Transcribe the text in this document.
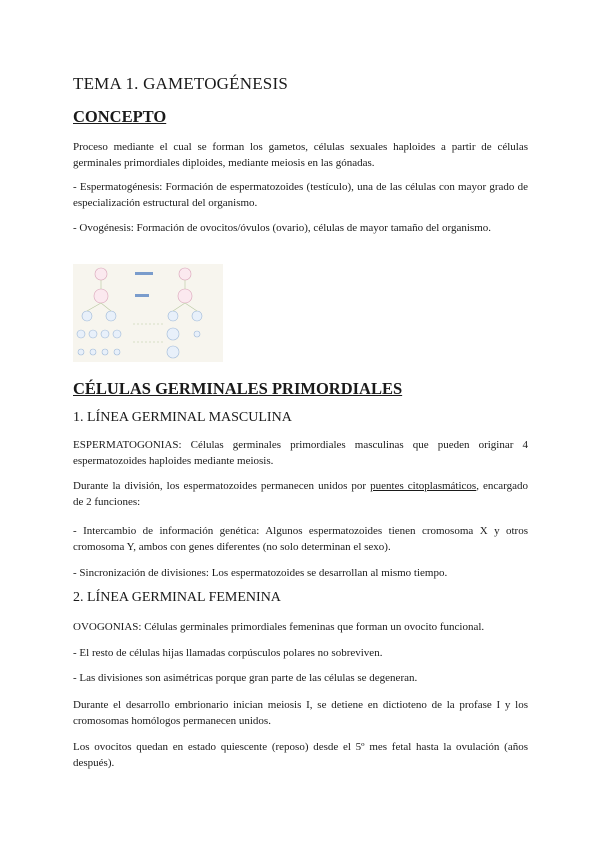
TEMA 1. GAMETOGÉNESIS
CONCEPTO

Proceso mediante el cual se forman los gametos, células sexuales haploides a partir de células germinales primordiales diploides, mediante meiosis en las gónadas.

- Espermatogénesis: Formación de espermatozoides (testículo), una de las células con mayor grado de especialización estructural del organismo.

- Ovogénesis: Formación de ovocitos/óvulos (ovario), células de mayor tamaño del organismo.

CÉLULAS GERMINALES PRIMORDIALES
1. LÍNEA GERMINAL MASCULINA

ESPERMATOGONIAS: Células germinales primordiales masculinas que pueden originar 4 espermatozoides haploides mediante meiosis.

Durante la división, los espermatozoides permanecen unidos por puentes citoplasmáticos, encargado de 2 funciones:

- Intercambio de información genética: Algunos espermatozoides tienen cromosoma X y otros cromosoma Y, ambos con genes diferentes (no solo determinan el sexo).

- Sincronización de divisiones: Los espermatozoides se desarrollan al mismo tiempo.

2. LÍNEA GERMINAL FEMENINA

OVOGONIAS: Células germinales primordiales femeninas que forman un ovocito funcional.

- El resto de células hijas llamadas corpúsculos polares no sobreviven.

- Las divisiones son asimétricas porque gran parte de las células se degeneran.

Durante el desarrollo embrionario inician meiosis I, se detiene en dictioteno de la profase I y los cromosomas homólogos permanecen unidos.

Los ovocitos quedan en estado quiescente (reposo) desde el 5º mes fetal hasta la ovulación (años después).
